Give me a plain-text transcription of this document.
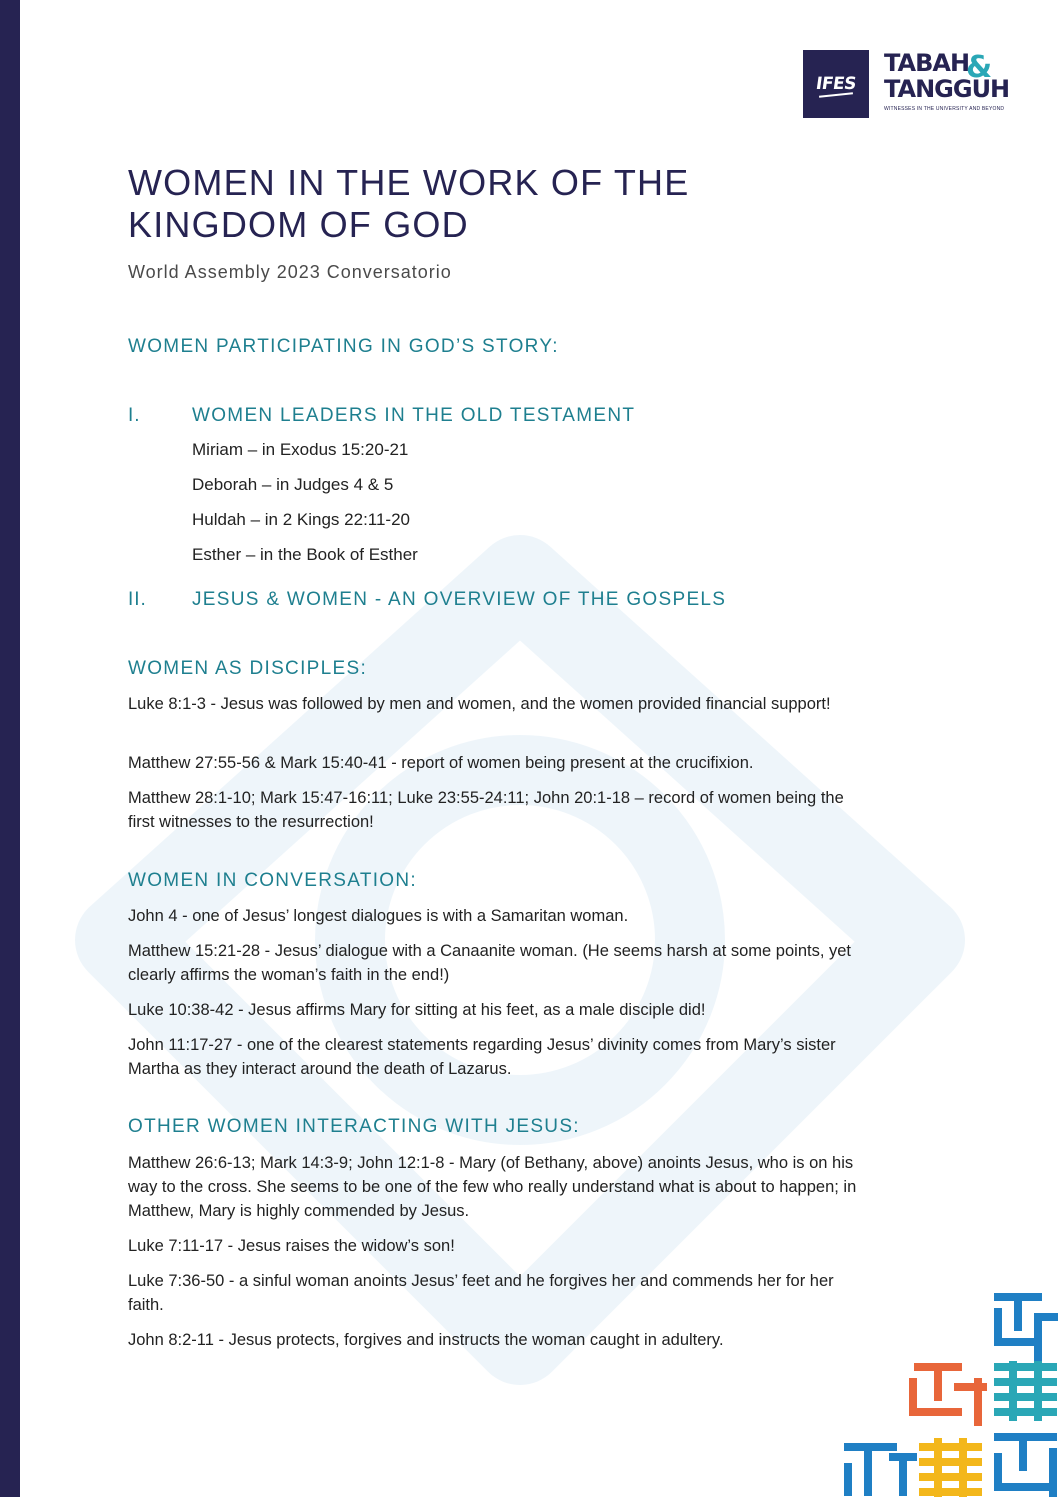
IFES
TABAH
TANGGUH
&
WITNESSES IN THE UNIVERSITY AND BEYOND
WOMEN IN THE WORK OF THE
KINGDOM OF GOD
World Assembly 2023 Conversatorio
WOMEN PARTICIPATING IN GOD’S STORY:
I.	WOMEN LEADERS IN THE OLD TESTAMENT
Miriam – in Exodus 15:20-21
Deborah – in Judges 4 & 5
Huldah – in 2 Kings 22:11-20
Esther – in the Book of Esther
II. JESUS & WOMEN - AN OVERVIEW OF THE GOSPELS
WOMEN AS DISCIPLES:
Luke 8:1-3 - Jesus was followed by men and women, and the women provided financial support!
Matthew 27:55-56 & Mark 15:40-41 - report of women being present at the crucifixion.
Matthew 28:1-10; Mark 15:47-16:11; Luke 23:55-24:11; John 20:1-18 – record of women being the first witnesses to the resurrection!
WOMEN IN CONVERSATION:
John 4 - one of Jesus’ longest dialogues is with a Samaritan woman.
Matthew 15:21-28 - Jesus’ dialogue with a Canaanite woman. (He seems harsh at some points, yet clearly affirms the woman’s faith in the end!)
Luke 10:38-42 - Jesus affirms Mary for sitting at his feet, as a male disciple did!
John 11:17-27 - one of the clearest statements regarding Jesus’ divinity comes from Mary’s sister Martha as they interact around the death of Lazarus.
OTHER WOMEN INTERACTING WITH JESUS:
Matthew 26:6-13; Mark 14:3-9; John 12:1-8 - Mary (of Bethany, above) anoints Jesus, who is on his way to the cross. She seems to be one of the few who really understand what is about to happen; in Matthew, Mary is highly commended by Jesus.
Luke 7:11-17 - Jesus raises the widow’s son!
Luke 7:36-50 - a sinful woman anoints Jesus’ feet and he forgives her and commends her for her faith.
John 8:2-11 - Jesus protects, forgives and instructs the woman caught in adultery.
